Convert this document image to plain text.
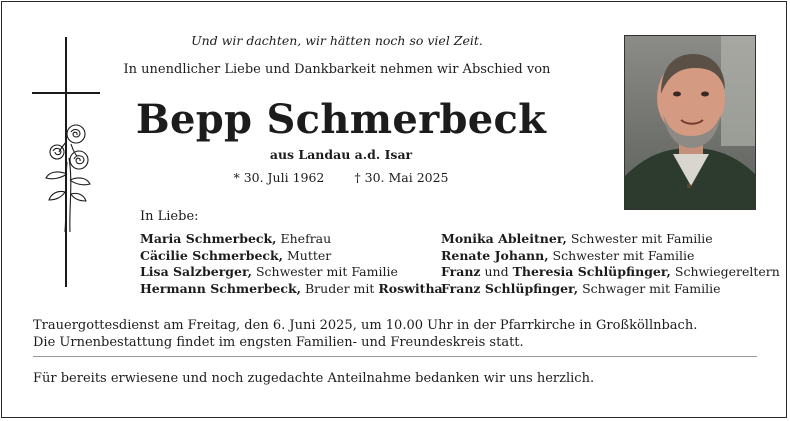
Und wir dachten, wir hätten noch so viel Zeit.
In unendlicher Liebe und Dankbarkeit nehmen wir Abschied von
Bepp Schmerbeck
aus Landau a.d. Isar
* 30. Juli 1962 † 30. Mai 2025
In Liebe:
Maria Schmerbeck, Ehefrau
Cäcilie Schmerbeck, Mutter
Lisa Salzberger, Schwester mit Familie
Hermann Schmerbeck, Bruder mit Roswitha
Monika Ableitner, Schwester mit Familie
Renate Johann, Schwester mit Familie
Franz und Theresia Schlüpfinger, Schwiegereltern
Franz Schlüpfinger, Schwager mit Familie
Trauergottesdienst am Freitag, den 6. Juni 2025, um 10.00 Uhr in der Pfarrkirche in Großköllnbach.
Die Urnenbestattung findet im engsten Familien- und Freundeskreis statt.
Für bereits erwiesene und noch zugedachte Anteilnahme bedanken wir uns herzlich.
